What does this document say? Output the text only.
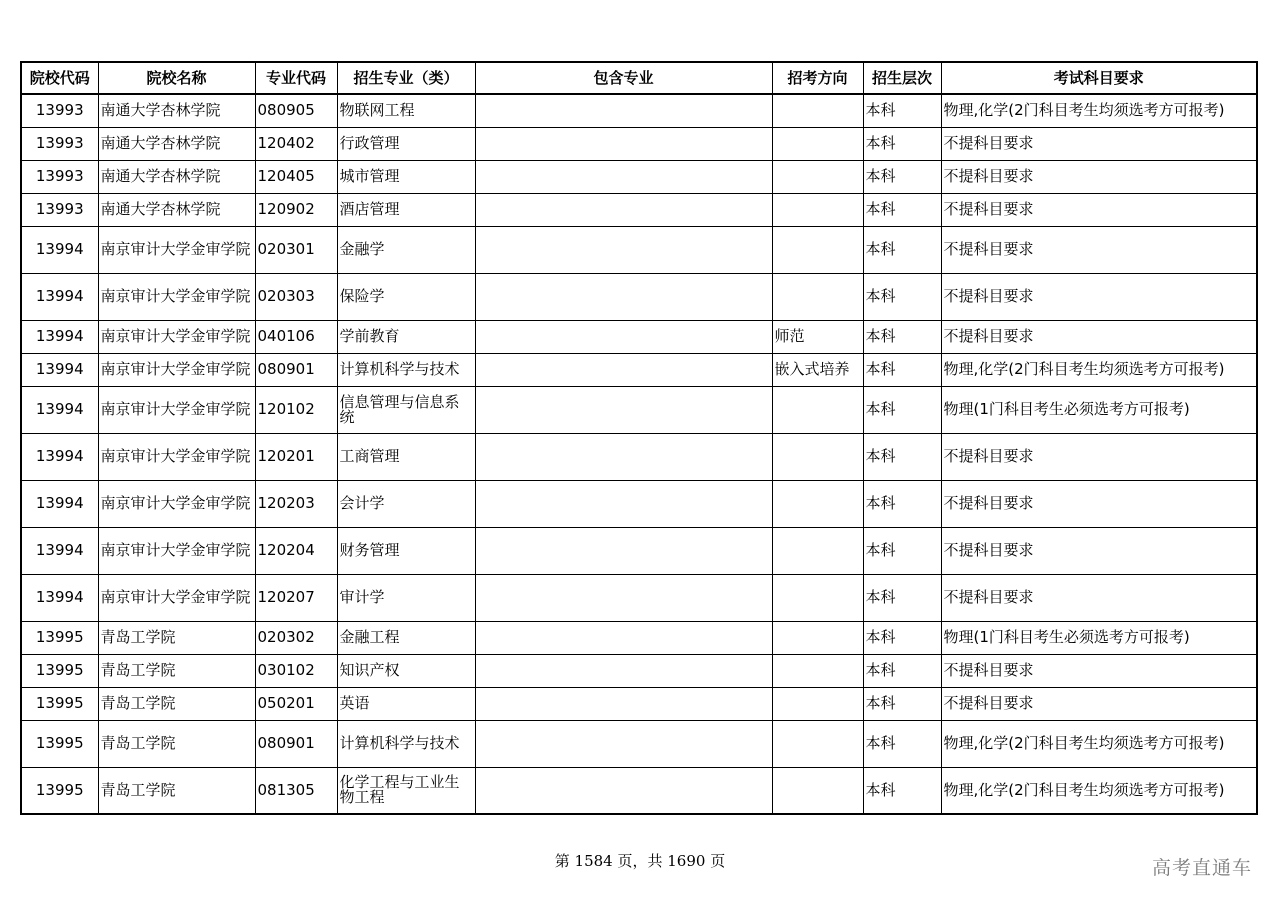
院校代码	院校名称	专业代码	招生专业（类）	包含专业	招考方向	招生层次	考试科目要求
13993	南通大学杏林学院	080905	物联网工程			本科	物理,化学(2门科目考生均须选考方可报考)
13993	南通大学杏林学院	120402	行政管理			本科	不提科目要求
13993	南通大学杏林学院	120405	城市管理			本科	不提科目要求
13993	南通大学杏林学院	120902	酒店管理			本科	不提科目要求
13994	南京审计大学金审学院	020301	金融学			本科	不提科目要求
13994	南京审计大学金审学院	020303	保险学			本科	不提科目要求
13994	南京审计大学金审学院	040106	学前教育		师范	本科	不提科目要求
13994	南京审计大学金审学院	080901	计算机科学与技术		嵌入式培养	本科	物理,化学(2门科目考生均须选考方可报考)
13994	南京审计大学金审学院	120102	信息管理与信息系统			本科	物理(1门科目考生必须选考方可报考)
13994	南京审计大学金审学院	120201	工商管理			本科	不提科目要求
13994	南京审计大学金审学院	120203	会计学			本科	不提科目要求
13994	南京审计大学金审学院	120204	财务管理			本科	不提科目要求
13994	南京审计大学金审学院	120207	审计学			本科	不提科目要求
13995	青岛工学院	020302	金融工程			本科	物理(1门科目考生必须选考方可报考)
13995	青岛工学院	030102	知识产权			本科	不提科目要求
13995	青岛工学院	050201	英语			本科	不提科目要求
13995	青岛工学院	080901	计算机科学与技术			本科	物理,化学(2门科目考生均须选考方可报考)
13995	青岛工学院	081305	化学工程与工业生物工程			本科	物理,化学(2门科目考生均须选考方可报考)
第 1584 页，共 1690 页	高考直通车
